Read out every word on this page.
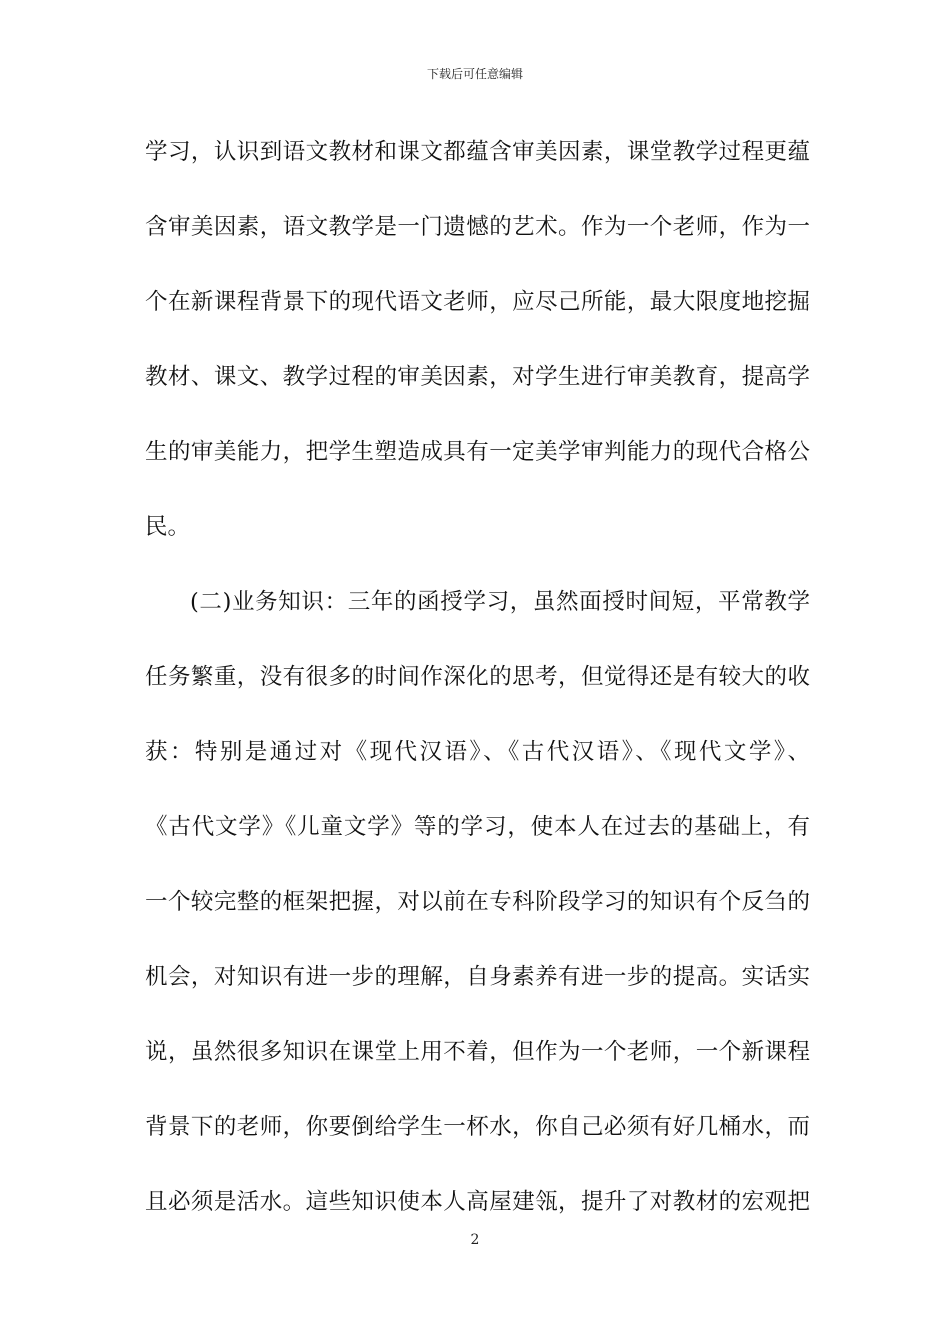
下载后可任意编辑
学习，认识到语文教材和课文都蕴含审美因素，课堂教学过程更蕴
含审美因素，语文教学是一门遗憾的艺术。作为一个老师，作为一
个在新课程背景下的现代语文老师，应尽己所能，最大限度地挖掘
教材、课文、教学过程的审美因素，对学生进行审美教育，提高学
生的审美能力，把学生塑造成具有一定美学审判能力的现代合格公
民。
(二)业务知识：三年的函授学习，虽然面授时间短，平常教学
任务繁重，没有很多的时间作深化的思考，但觉得还是有较大的收
获：特别是通过对《现代汉语》、《古代汉语》、《现代文学》、
《古代文学》《儿童文学》等的学习，使本人在过去的基础上，有
一个较完整的框架把握，对以前在专科阶段学习的知识有个反刍的
机会，对知识有进一步的理解，自身素养有进一步的提高。实话实
说，虽然很多知识在课堂上用不着，但作为一个老师，一个新课程
背景下的老师，你要倒给学生一杯水，你自己必须有好几桶水，而
且必须是活水。這些知识使本人高屋建瓴，提升了对教材的宏观把
2
